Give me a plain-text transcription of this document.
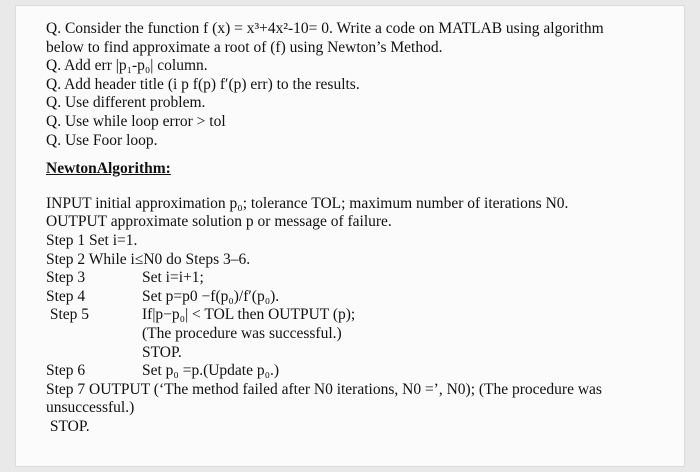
Q. Consider the function f (x) = x³+4x²-10= 0. Write a code on MATLAB using algorithm
below to find approximate a root of (f) using Newton’s Method.
Q. Add err |p₁-p₀| column.
Q. Add header title (i p f(p) f′(p) err) to the results.
Q. Use different problem.
Q. Use while loop error > tol
Q. Use Foor loop.
NewtonAlgorithm:
INPUT initial approximation p₀; tolerance TOL; maximum number of iterations N0.
OUTPUT approximate solution p or message of failure.
Step 1 Set i=1.
Step 2 While i≤N0 do Steps 3–6.
Step 3	Set i=i+1;
Step 4	Set p=p0 −f(p₀)/f′(p₀).
Step 5	If|p−p₀| < TOL then OUTPUT (p);
(The procedure was successful.)
STOP.
Step 6	Set p₀ =p.(Update p₀.)
Step 7 OUTPUT (‘The method failed after N0 iterations, N0 =’, N0); (The procedure was unsuccessful.)
STOP.
